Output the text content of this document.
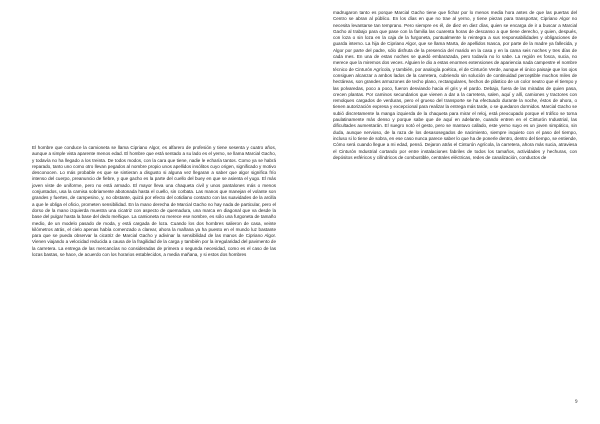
El hombre que conduce la camioneta se llama Cipriano Algor, es alfarero de profesión y tiene sesenta y cuatro años, aunque a simple vista aparente menos edad. El hombre que está sentado a su lado es el yerno, se llama Marcial Gacho, y todavía no ha llegado a los treinta. De todos modos, con la cara que tiene, nadie le echaría tantos. Como ya se habrá reparado, tanto uno como otro llevan pegados al nombre propio unos apellidos insólitos cuyo origen, significado y motivo desconocen. Lo más probable es que se sintieran a disgusto si alguna vez llegaran a saber que algor significa frío intenso del cuerpo, preanuncio de fiebre, y que gacho es la parte del cuello del buey en que se asienta el yugo. El más joven viste de uniforme, pero no está armado. El mayor lleva una chaqueta civil y unos pantalones más o menos conjuntados, usa la camisa sobriamente abotonada hasta el cuello, sin corbata. Las manos que manejan el volante son grandes y fuertes, de campesino, y, no obstante, quizá por efecto del cotidiano contacto con las suavidades de la arcilla a que le obliga el oficio, prometen sensibilidad. En la mano derecha de Marcial Gacho no hay nada de particular, pero el dorso de la mano izquierda muestra una cicatriz con aspecto de quemadura, una marca en diagonal que va desde la base del pulgar hasta la base del dedo meñique. La camioneta no merece ese nombre, es sólo una furgoneta de tamaño medio, de un modelo pasado de moda, y está cargada de loza. Cuando los dos hombres salieron de casa, veinte kilómetros atrás, el cielo apenas había comenzado a clarear, ahora la mañana ya ha puesto en el mundo luz bastante para que se pueda observar la cicatriz de Marcial Gacho y adivinar la sensibilidad de las manos de Cipriano Algor. Vienen viajando a velocidad reducida a causa de la fragilidad de la carga y también por la irregularidad del pavimento de la carretera. La entrega de las mercancías no consideradas de primera o segunda necesidad, como es el caso de las lozas bastas, se hace, de acuerdo con los horarios establecidos, a media mañana, y si estos dos hombres
madrugaron tanto es porque Marcial Gacho tiene que fichar por lo menos media hora antes de que las puertas del Centro se abran al público. En los días en que no trae al yerno, y tiene piezas para transportar, Cipriano Algor no necesita levantarse tan temprano. Pero siempre es él, de diez en diez días, quien se encarga de ir a buscar a Marcial Gacho al trabajo para que pase con la familia las cuarenta horas de descanso a que tiene derecho, y quien, después, con loza o sin loza en la caja de la furgoneta, puntualmente lo reintegra a sus responsabilidades y obligaciones de guarda interno. La hija de Cipriano Algor, que se llama Marta, de apellidos Isasca, por parte de la madre ya fallecida, y Algor por parte del padre, sólo disfruta de la presencia del marido en la casa y en la cama seis noches y tres días de cada mes. En una de estas noches se quedó embarazada, pero todavía no lo sabe. La región es fosca, sucia, no merece que la miremos dos veces. Alguien le dio a estas enormes extensiones de apariencia nada campestre el nombre técnico de Cinturón Agrícola, y también, por analogía poética, el de Cinturón Verde, aunque el único paisaje que los ojos consiguen alcanzar a ambos lados de la carretera, cubriendo sin solución de continuidad perceptible muchos miles de hectáreas, son grandes armazones de techo plano, rectangulares, hechos de plástico de un color neutro que el tiempo y las polvaredas, poco a poco, fueron desviando hacia el gris y el pardo. Debajo, fuera de las miradas de quien pasa, crecen plantas. Por caminos secundarios que vienen a dar a la carretera, salen, aquí y allí, camiones y tractores con remolques cargados de verduras, pero el grueso del transporte se ha efectuado durante la noche, éstos de ahora, o tienen autorización expresa y excepcional para realizar la entrega más tarde, o se quedaron dormidos. Marcial Gacho se subió discretamente la manga izquierda de la chaqueta para mirar el reloj, está preocupado porque el tráfico se torna paulatinamente más denso y porque sabe que de aquí en adelante, cuando entren en el Cinturón Industrial, las dificultades aumentarán. El suegro notó el gesto, pero se mantuvo callado, este yerno suyo es un joven simpático, sin duda, aunque nervioso, de la raza de los desasosegados de nacimiento, siempre inquieto con el paso del tiempo, incluso si lo tiene de sobra, en ese caso nunca parece saber lo que ha de ponerle dentro, dentro del tiempo, se entiende, Cómo será cuando llegue a mi edad, pensó. Dejaron atrás el Cinturón Agrícola, la carretera, ahora más sucia, atraviesa el Cinturón Industrial cortando por entre instalaciones fabriles de todos los tamaños, actividades y hechuras, con depósitos esféricos y cilíndricos de combustible, centrales eléctricas, redes de canalización, conductos de
9
